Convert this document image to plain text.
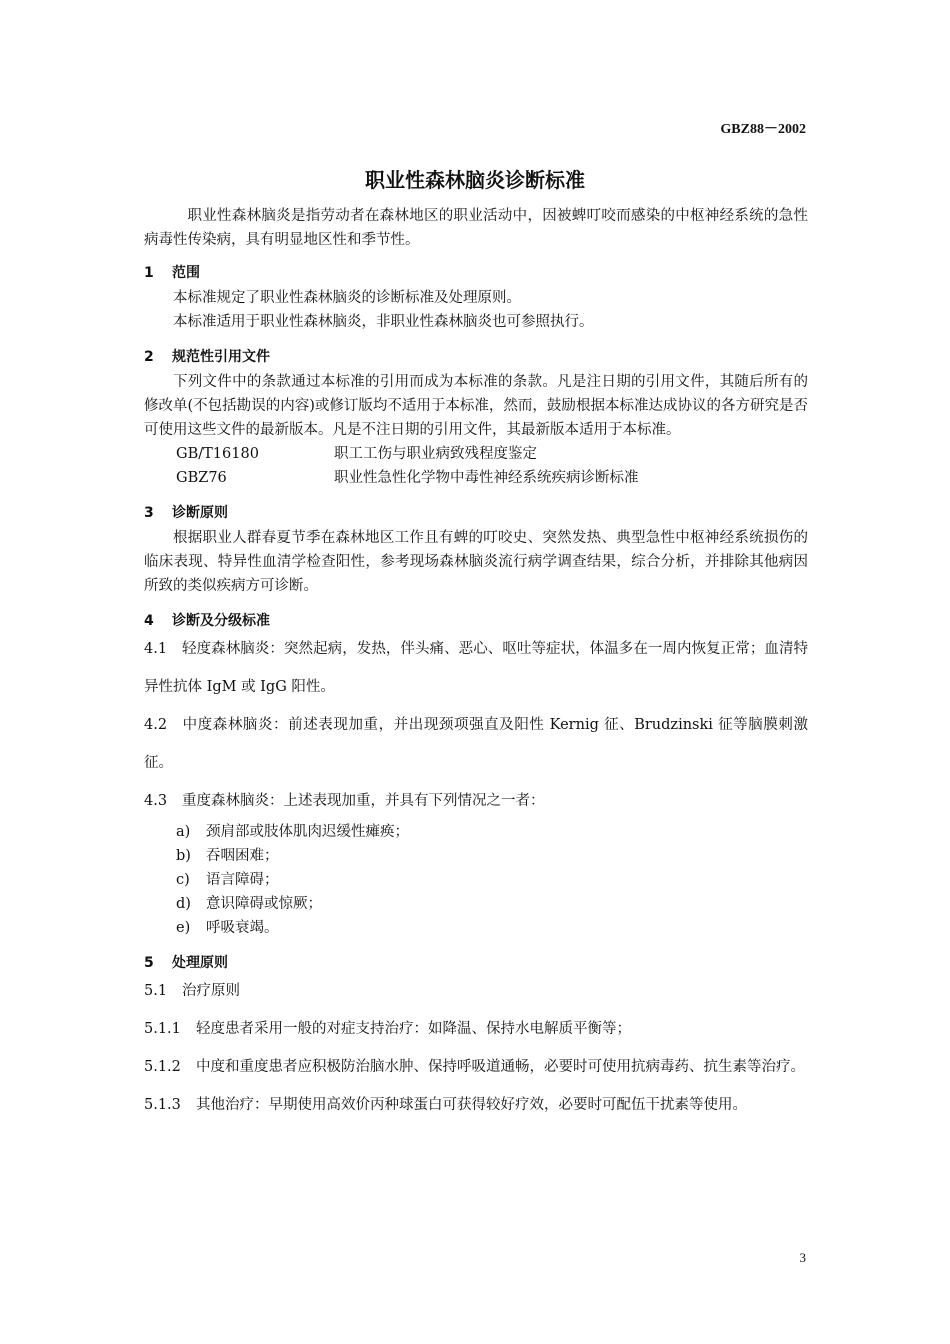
GBZ88－2002
职业性森林脑炎诊断标准

职业性森林脑炎是指劳动者在森林地区的职业活动中，因被蜱叮咬而感染的中枢神经系统的急性病毒性传染病，具有明显地区性和季节性。

1 范围

本标准规定了职业性森林脑炎的诊断标准及处理原则。

本标准适用于职业性森林脑炎，非职业性森林脑炎也可参照执行。

2 规范性引用文件

下列文件中的条款通过本标准的引用而成为本标准的条款。凡是注日期的引用文件，其随后所有的修改单(不包括勘误的内容)或修订版均不适用于本标准，然而，鼓励根据本标准达成协议的各方研究是否可使用这些文件的最新版本。凡是不注日期的引用文件，其最新版本适用于本标准。

GB/T16180	职工工伤与职业病致残程度鉴定
GBZ76	职业性急性化学物中毒性神经系统疾病诊断标准
3 诊断原则

根据职业人群春夏节季在森林地区工作且有蜱的叮咬史、突然发热、典型急性中枢神经系统损伤的临床表现、特异性血清学检查阳性，参考现场森林脑炎流行病学调查结果，综合分析，并排除其他病因所致的类似疾病方可诊断。

4 诊断及分级标准

4.1 轻度森林脑炎：突然起病，发热，伴头痛、恶心、呕吐等症状，体温多在一周内恢复正常；血清特异性抗体 IgM 或 IgG 阳性。

4.2 中度森林脑炎：前述表现加重，并出现颈项强直及阳性 Kernig 征、Brudzinski 征等脑膜刺激征。

4.3 重度森林脑炎：上述表现加重，并具有下列情况之一者：

a) 颈肩部或肢体肌肉迟缓性瘫痪；
b) 吞咽困难；
c) 语言障碍；
d) 意识障碍或惊厥；
e) 呼吸衰竭。
5 处理原则

5.1 治疗原则

5.1.1 轻度患者采用一般的对症支持治疗：如降温、保持水电解质平衡等；

5.1.2 中度和重度患者应积极防治脑水肿、保持呼吸道通畅，必要时可使用抗病毒药、抗生素等治疗。

5.1.3 其他治疗：早期使用高效价丙种球蛋白可获得较好疗效，必要时可配伍干扰素等使用。

3
